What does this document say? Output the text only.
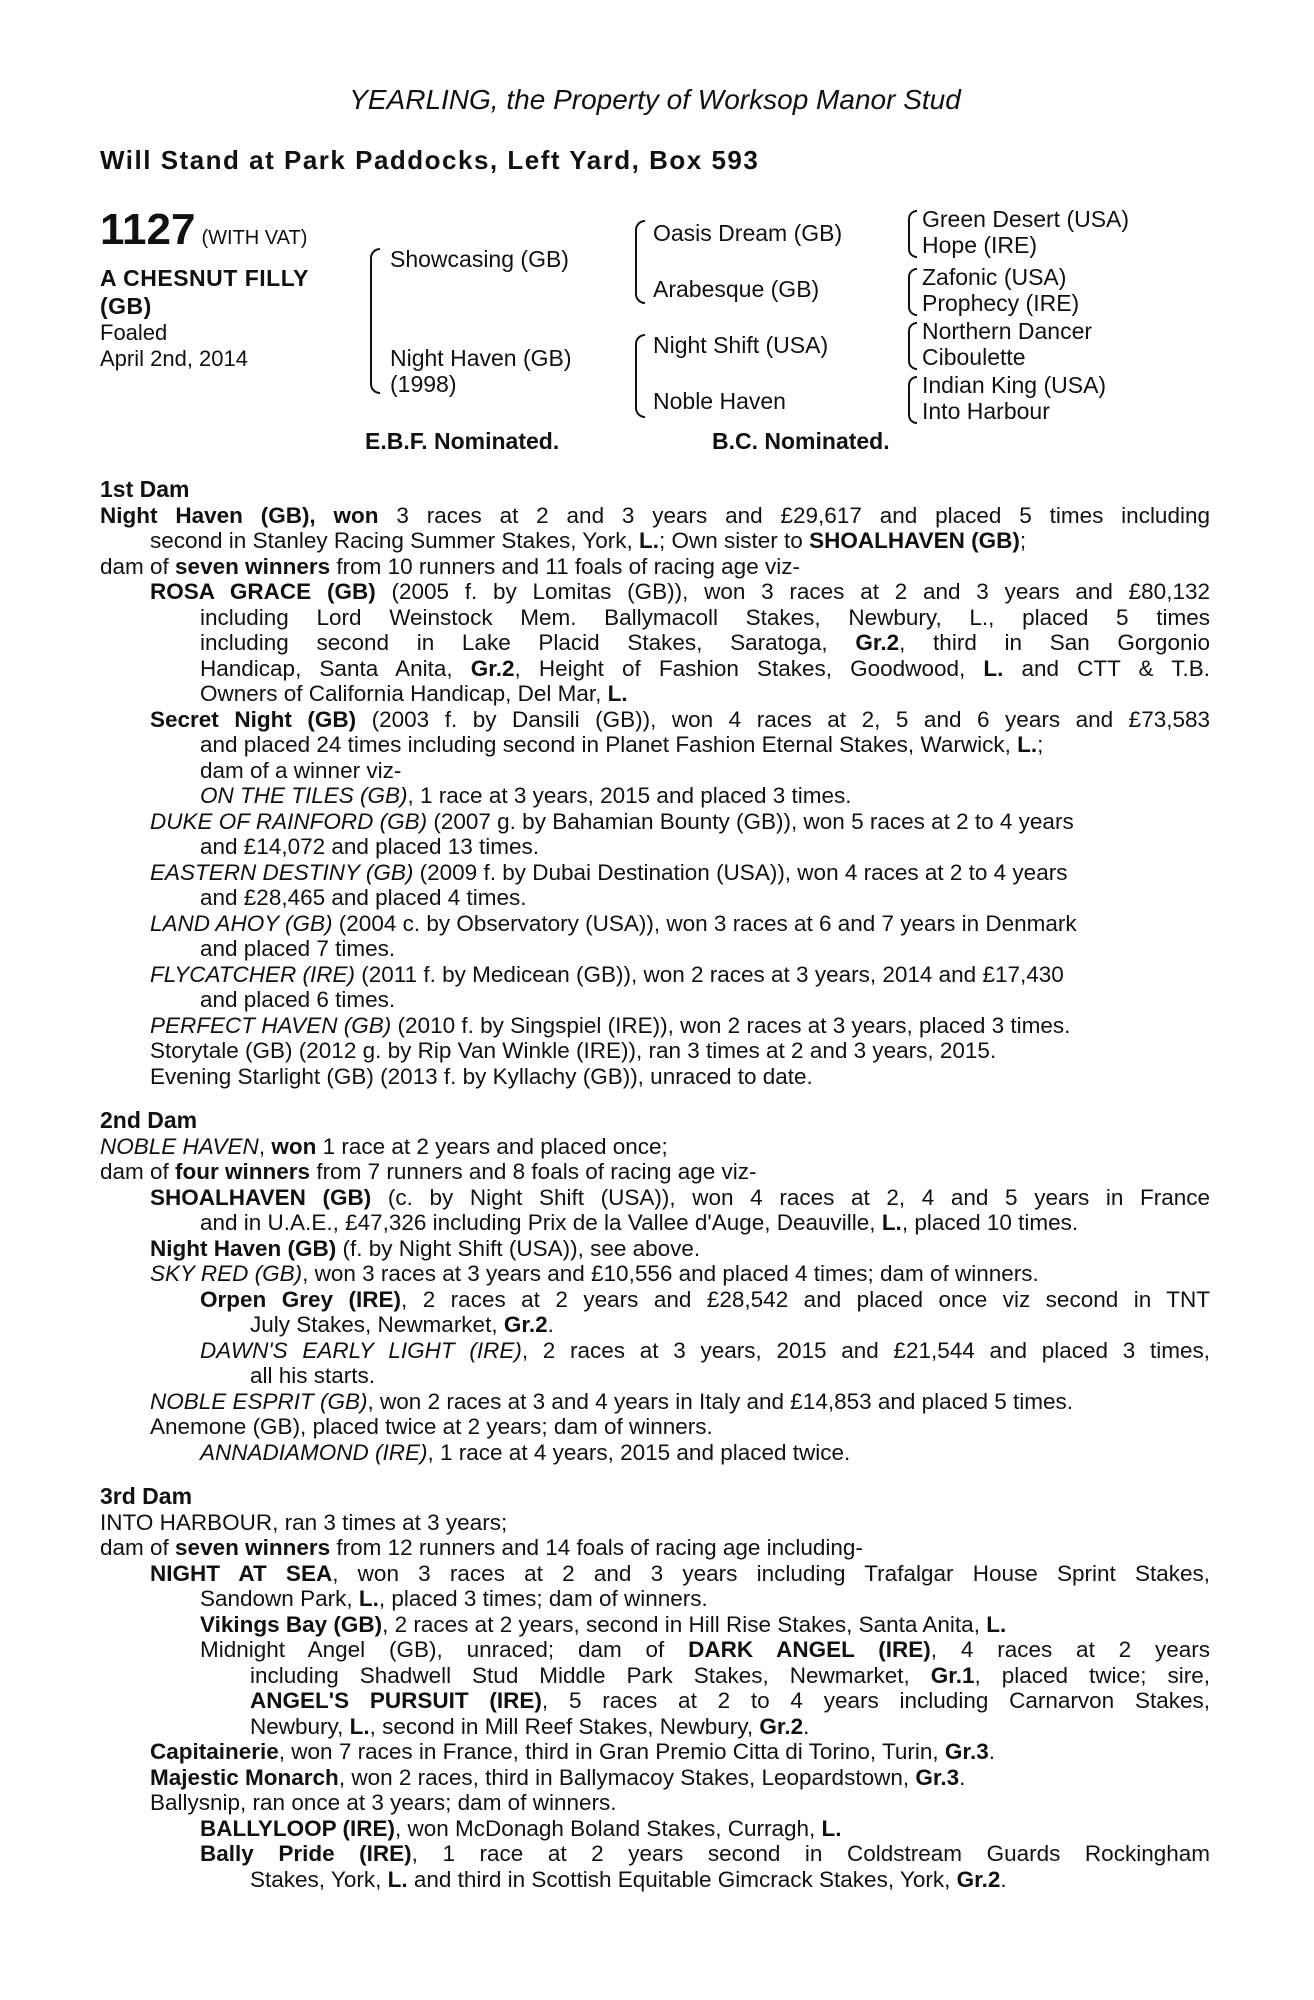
YEARLING, the Property of Worksop Manor Stud
Will Stand at Park Paddocks, Left Yard, Box 593
1127 (WITH VAT)
A CHESNUT FILLY
(GB)
Foaled
April 2nd, 2014
Showcasing (GB)
Night Haven (GB)
(1998)
Oasis Dream (GB)
Arabesque (GB)
Night Shift (USA)
Noble Haven
Green Desert (USA)
Hope (IRE)
Zafonic (USA)
Prophecy (IRE)
Northern Dancer
Ciboulette
Indian King (USA)
Into Harbour
E.B.F. Nominated.	B.C. Nominated.
1st Dam
Night Haven (GB), won 3 races at 2 and 3 years and £29,617 and placed 5 times including
second in Stanley Racing Summer Stakes, York, L.; Own sister to SHOALHAVEN (GB);
dam of seven winners from 10 runners and 11 foals of racing age viz-
ROSA GRACE (GB) (2005 f. by Lomitas (GB)), won 3 races at 2 and 3 years and £80,132
including Lord Weinstock Mem. Ballymacoll Stakes, Newbury, L., placed 5 times
including second in Lake Placid Stakes, Saratoga, Gr.2, third in San Gorgonio
Handicap, Santa Anita, Gr.2, Height of Fashion Stakes, Goodwood, L. and CTT & T.B.
Owners of California Handicap, Del Mar, L.
Secret Night (GB) (2003 f. by Dansili (GB)), won 4 races at 2, 5 and 6 years and £73,583
and placed 24 times including second in Planet Fashion Eternal Stakes, Warwick, L.;
dam of a winner viz-
ON THE TILES (GB), 1 race at 3 years, 2015 and placed 3 times.
DUKE OF RAINFORD (GB) (2007 g. by Bahamian Bounty (GB)), won 5 races at 2 to 4 years
and £14,072 and placed 13 times.
EASTERN DESTINY (GB) (2009 f. by Dubai Destination (USA)), won 4 races at 2 to 4 years
and £28,465 and placed 4 times.
LAND AHOY (GB) (2004 c. by Observatory (USA)), won 3 races at 6 and 7 years in Denmark
and placed 7 times.
FLYCATCHER (IRE) (2011 f. by Medicean (GB)), won 2 races at 3 years, 2014 and £17,430
and placed 6 times.
PERFECT HAVEN (GB) (2010 f. by Singspiel (IRE)), won 2 races at 3 years, placed 3 times.
Storytale (GB) (2012 g. by Rip Van Winkle (IRE)), ran 3 times at 2 and 3 years, 2015.
Evening Starlight (GB) (2013 f. by Kyllachy (GB)), unraced to date.
2nd Dam
NOBLE HAVEN, won 1 race at 2 years and placed once;
dam of four winners from 7 runners and 8 foals of racing age viz-
SHOALHAVEN (GB) (c. by Night Shift (USA)), won 4 races at 2, 4 and 5 years in France
and in U.A.E., £47,326 including Prix de la Vallee d'Auge, Deauville, L., placed 10 times.
Night Haven (GB) (f. by Night Shift (USA)), see above.
SKY RED (GB), won 3 races at 3 years and £10,556 and placed 4 times; dam of winners.
Orpen Grey (IRE), 2 races at 2 years and £28,542 and placed once viz second in TNT
July Stakes, Newmarket, Gr.2.
DAWN'S EARLY LIGHT (IRE), 2 races at 3 years, 2015 and £21,544 and placed 3 times,
all his starts.
NOBLE ESPRIT (GB), won 2 races at 3 and 4 years in Italy and £14,853 and placed 5 times.
Anemone (GB), placed twice at 2 years; dam of winners.
ANNADIAMOND (IRE), 1 race at 4 years, 2015 and placed twice.
3rd Dam
INTO HARBOUR, ran 3 times at 3 years;
dam of seven winners from 12 runners and 14 foals of racing age including-
NIGHT AT SEA, won 3 races at 2 and 3 years including Trafalgar House Sprint Stakes,
Sandown Park, L., placed 3 times; dam of winners.
Vikings Bay (GB), 2 races at 2 years, second in Hill Rise Stakes, Santa Anita, L.
Midnight Angel (GB), unraced; dam of DARK ANGEL (IRE), 4 races at 2 years
including Shadwell Stud Middle Park Stakes, Newmarket, Gr.1, placed twice; sire,
ANGEL'S PURSUIT (IRE), 5 races at 2 to 4 years including Carnarvon Stakes,
Newbury, L., second in Mill Reef Stakes, Newbury, Gr.2.
Capitainerie, won 7 races in France, third in Gran Premio Citta di Torino, Turin, Gr.3.
Majestic Monarch, won 2 races, third in Ballymacoy Stakes, Leopardstown, Gr.3.
Ballysnip, ran once at 3 years; dam of winners.
BALLYLOOP (IRE), won McDonagh Boland Stakes, Curragh, L.
Bally Pride (IRE), 1 race at 2 years second in Coldstream Guards Rockingham
Stakes, York, L. and third in Scottish Equitable Gimcrack Stakes, York, Gr.2.
